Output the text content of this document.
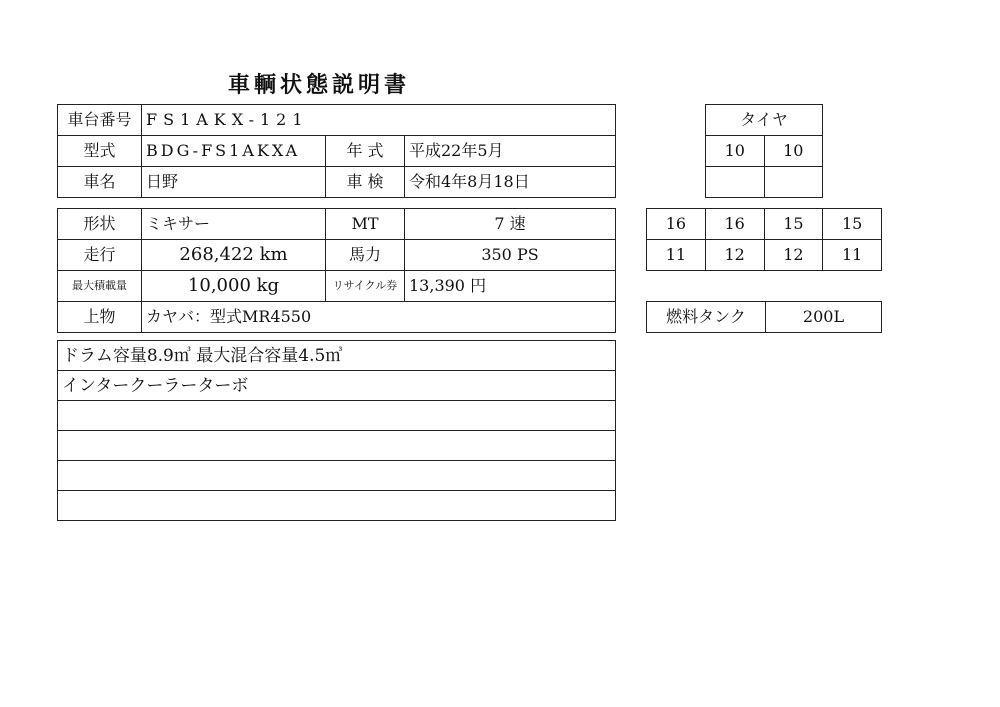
車輌状態説明書
車台番号	FS1AKX-121		
型式	BDG-FS1AKXA	年 式	平成22年5月
車名	日野	車 検	令和4年8月18日
形状	ミキサー	MT	7 速
走行	268,422 km	馬力	350 PS
最大積載量	10,000 kg	リサイクル券	13,390 円
上物	カヤバ：型式MR4550		
ドラム容量8.9㎥ 最大混合容量4.5㎥
インタークーラーターボ

タイヤ	
10	10

16	16	15	15
11	12	12	11
燃料タンク	200L
